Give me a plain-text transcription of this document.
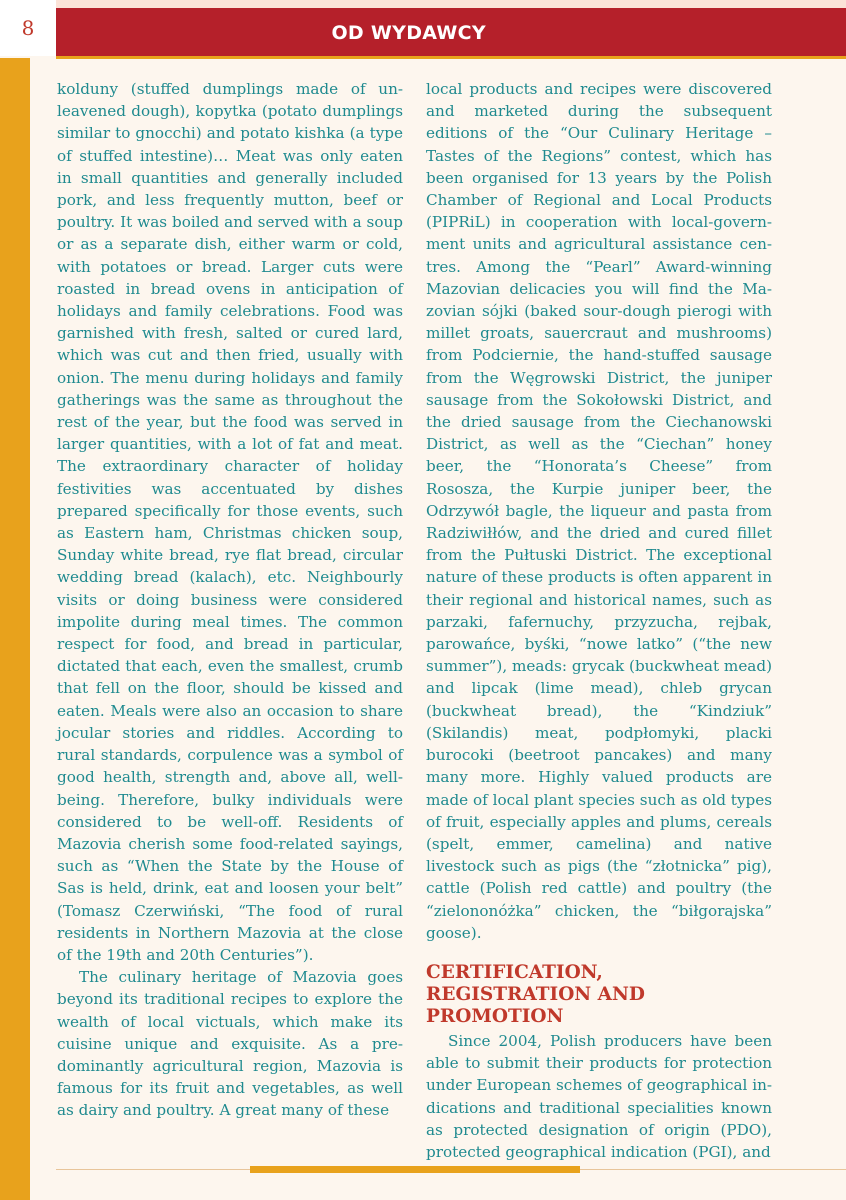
8	OD WYDAWCY

kolduny (stuffed dumplings made of unleavened dough), kopytka (potato dumplings similar to gnocchi) and potato kishka (a type of stuffed intestine)… Meat was only eaten in small quantities and generally included pork, and less frequently mutton, beef or poultry. It was boiled and served with a soup or as a separate dish, either warm or cold, with potatoes or bread. Larger cuts were roasted in bread ovens in anticipation of holidays and family celebrations. Food was garnished with fresh, salted or cured lard, which was cut and then fried, usually with onion. The menu during holidays and family gatherings was the same as throughout the rest of the year, but the food was served in larger quantities, with a lot of fat and meat. The extraordinary character of holiday festivities was accentuated by dishes prepared specifically for those events, such as Eastern ham, Christmas chicken soup, Sunday white bread, rye flat bread, circular wedding bread (kalach), etc. Neighbourly visits or doing business were considered impolite during meal times. The common respect for food, and bread in particular, dictated that each, even the smallest, crumb that fell on the floor, should be kissed and eaten. Meals were also an occasion to share jocular stories and riddles. According to rural standards, corpulence was a symbol of good health, strength and, above all, well-being. Therefore, bulky individuals were considered to be well-off. Residents of Mazovia cherish some food-related sayings, such as “When the State by the House of Sas is held, drink, eat and loosen your belt” (Tomasz Czerwiński, “The food of rural residents in Northern Mazovia at the close of the 19th and 20th Centuries”).

The culinary heritage of Mazovia goes beyond its traditional recipes to explore the wealth of local victuals, which make its cuisine unique and exquisite. As a predominantly agricultural region, Mazovia is famous for its fruit and vegetables, as well as dairy and poultry. A great many of these

local products and recipes were discovered and marketed during the subsequent editions of the “Our Culinary Heritage – Tastes of the Regions” contest, which has been organised for 13 years by the Polish Chamber of Regional and Local Products (PIPRiL) in cooperation with local-government units and agricultural assistance centres. Among the “Pearl” Award-winning Mazovian delicacies you will find the Mazovian sójki (baked sour-dough pierogi with millet groats, sauercraut and mushrooms) from Podciernie, the hand-stuffed sausage from the Węgrowski District, the juniper sausage from the Sokołowski District, and the dried sausage from the Ciechanowski District, as well as the “Ciechan” honey beer, the “Honorata’s Cheese” from Rososza, the Kurpie juniper beer, the Odrzywół bagle, the liqueur and pasta from Radziwiłłów, and the dried and cured fillet from the Pułtuski District. The exceptional nature of these products is often apparent in their regional and historical names, such as parzaki, fafernuchy, przyzucha, rejbak, parowańce, byśki, “nowe latko” (“the new summer”), meads: grycak (buckwheat mead) and lipcak (lime mead), chleb grycan (buckwheat bread), the “Kindziuk” (Skilandis) meat, podpłomyki, placki burocoki (beetroot pancakes) and many many more. Highly valued products are made of local plant species such as old types of fruit, especially apples and plums, cereals (spelt, emmer, camelina) and native livestock such as pigs (the “złotnicka” pig), cattle (Polish red cattle) and poultry (the “zielononóżka” chicken, the “biłgorajska” goose).

CERTIFICATION, REGISTRATION AND PROMOTION

Since 2004, Polish producers have been able to submit their products for protection under European schemes of geographical indications and traditional specialities known as protected designation of origin (PDO), protected geographical indication (PGI), and
